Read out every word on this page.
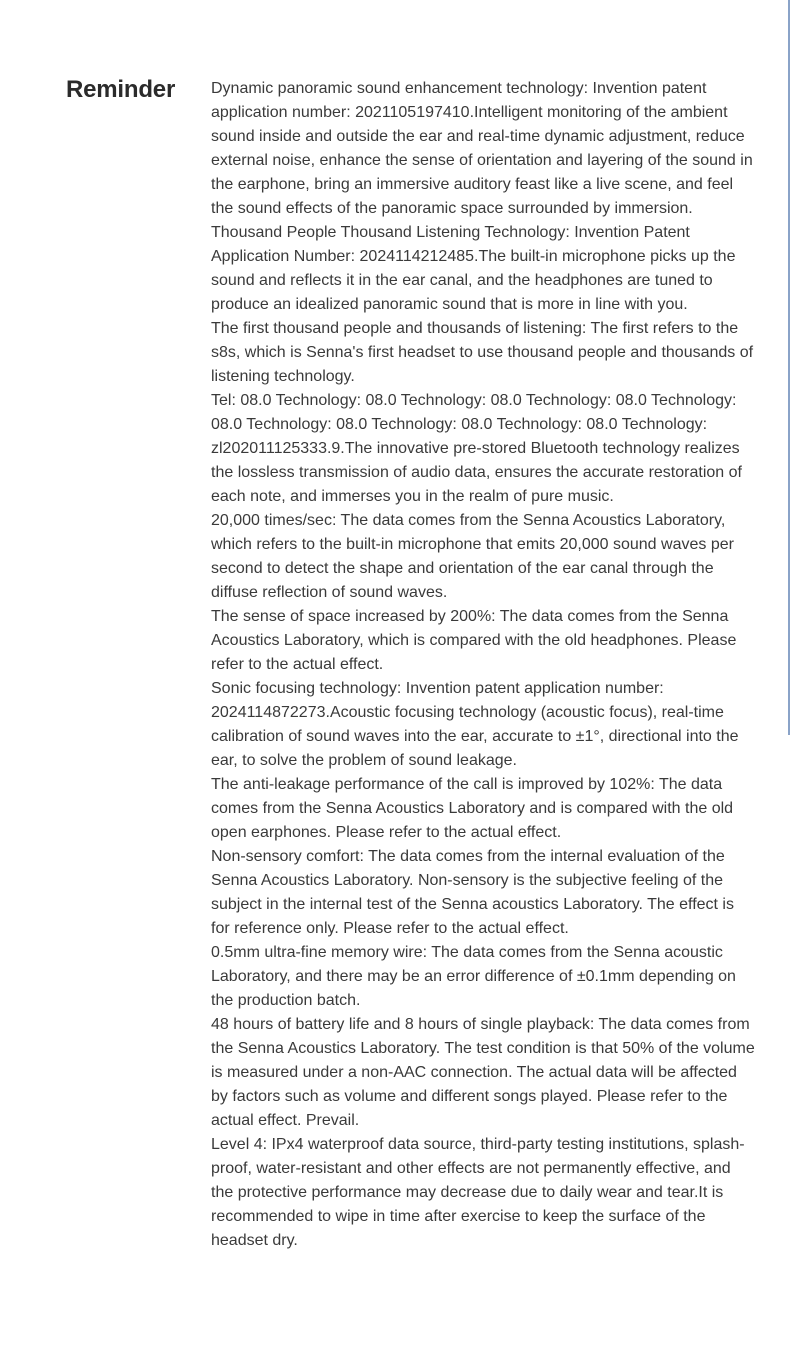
Reminder Dynamic panoramic sound enhancement technology: Invention patent application number: 2021105197410.Intelligent monitoring of the ambient sound inside and outside the ear and real-time dynamic adjustment, reduce external noise, enhance the sense of orientation and layering of the sound in the earphone, bring an immersive auditory feast like a live scene, and feel the sound effects of the panoramic space surrounded by immersion.

Thousand People Thousand Listening Technology: Invention Patent Application Number: 2024114212485.The built-in microphone picks up the sound and reflects it in the ear canal, and the headphones are tuned to produce an idealized panoramic sound that is more in line with you.

The first thousand people and thousands of listening: The first refers to the s8s, which is Senna's first headset to use thousand people and thousands of listening technology.

Tel: 08.0 Technology: 08.0 Technology: 08.0 Technology: 08.0 Technology: 08.0 Technology: 08.0 Technology: 08.0 Technology: 08.0 Technology: zl202011125333.9.The innovative pre-stored Bluetooth technology realizes the lossless transmission of audio data, ensures the accurate restoration of each note, and immerses you in the realm of pure music.

20,000 times/sec: The data comes from the Senna Acoustics Laboratory, which refers to the built-in microphone that emits 20,000 sound waves per second to detect the shape and orientation of the ear canal through the diffuse reflection of sound waves.

The sense of space increased by 200%: The data comes from the Senna Acoustics Laboratory, which is compared with the old headphones. Please refer to the actual effect.

Sonic focusing technology: Invention patent application number: 2024114872273.Acoustic focusing technology (acoustic focus), real-time calibration of sound waves into the ear, accurate to ±1°, directional into the ear, to solve the problem of sound leakage.

The anti-leakage performance of the call is improved by 102%: The data comes from the Senna Acoustics Laboratory and is compared with the old open earphones. Please refer to the actual effect.

Non-sensory comfort: The data comes from the internal evaluation of the Senna Acoustics Laboratory. Non-sensory is the subjective feeling of the subject in the internal test of the Senna acoustics Laboratory. The effect is for reference only. Please refer to the actual effect.

0.5mm ultra-fine memory wire: The data comes from the Senna acoustic Laboratory, and there may be an error difference of ±0.1mm depending on the production batch.

48 hours of battery life and 8 hours of single playback: The data comes from the Senna Acoustics Laboratory. The test condition is that 50% of the volume is measured under a non-AAC connection. The actual data will be affected by factors such as volume and different songs played. Please refer to the actual effect. Prevail.

Level 4: IPx4 waterproof data source, third-party testing institutions, splash-proof, water-resistant and other effects are not permanently effective, and the protective performance may decrease due to daily wear and tear.It is recommended to wipe in time after exercise to keep the surface of the headset dry.
